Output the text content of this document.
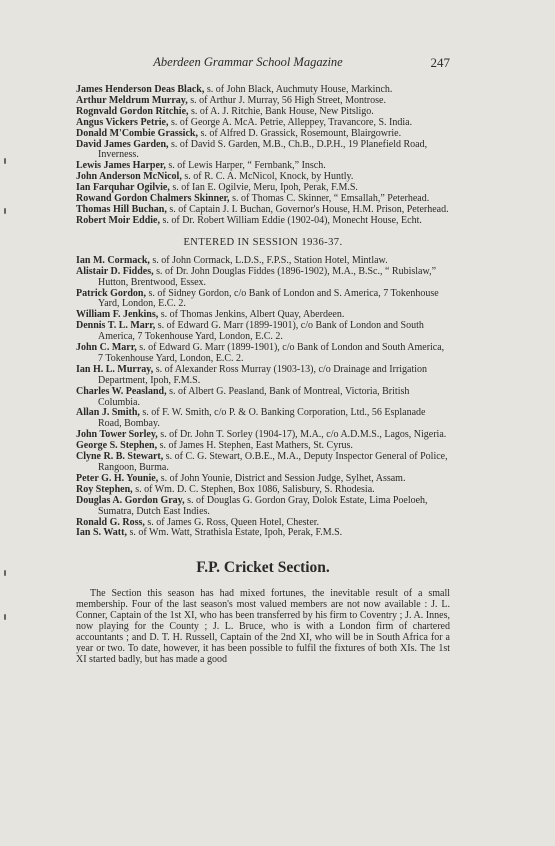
Aberdeen Grammar School Magazine	247

James Henderson Deas Black, s. of John Black, Auchmuty House, Markinch.

Arthur Meldrum Murray, s. of Arthur J. Murray, 56 High Street, Montrose.

Rognvald Gordon Ritchie, s. of A. J. Ritchie, Bank House, New Pitsligo.

Angus Vickers Petrie, s. of George A. McA. Petrie, Alleppey, Travancore, S. India.

Donald M'Combie Grassick, s. of Alfred D. Grassick, Rosemount, Blairgowrie.

David James Garden, s. of David S. Garden, M.B., Ch.B., D.P.H., 19 Planefield Road, Inverness.

Lewis James Harper, s. of Lewis Harper, “ Fernbank,” Insch.

John Anderson McNicol, s. of R. C. A. McNicol, Knock, by Huntly.

Ian Farquhar Ogilvie, s. of Ian E. Ogilvie, Meru, Ipoh, Perak, F.M.S.

Rowand Gordon Chalmers Skinner, s. of Thomas C. Skinner, “ Emsallah,” Peterhead.

Thomas Hill Buchan, s. of Captain J. I. Buchan, Governor's House, H.M. Prison, Peterhead.

Robert Moir Eddie, s. of Dr. Robert William Eddie (1902-04), Monecht House, Echt.

ENTERED IN SESSION 1936-37.

Ian M. Cormack, s. of John Cormack, L.D.S., F.P.S., Station Hotel, Mintlaw.

Alistair D. Fiddes, s. of Dr. John Douglas Fiddes (1896-1902), M.A., B.Sc., “ Rubislaw,” Hutton, Brentwood, Essex.

Patrick Gordon, s. of Sidney Gordon, c/o Bank of London and S. America, 7 Tokenhouse Yard, London, E.C. 2.

William F. Jenkins, s. of Thomas Jenkins, Albert Quay, Aberdeen.

Dennis T. L. Marr, s. of Edward G. Marr (1899-1901), c/o Bank of London and South America, 7 Tokenhouse Yard, London, E.C. 2.

John C. Marr, s. of Edward G. Marr (1899-1901), c/o Bank of London and South America, 7 Tokenhouse Yard, London, E.C. 2.

Ian H. L. Murray, s. of Alexander Ross Murray (1903-13), c/o Drainage and Irrigation Department, Ipoh, F.M.S.

Charles W. Peasland, s. of Albert G. Peasland, Bank of Montreal, Victoria, British Columbia.

Allan J. Smith, s. of F. W. Smith, c/o P. & O. Banking Corporation, Ltd., 56 Esplanade Road, Bombay.

John Tower Sorley, s. of Dr. John T. Sorley (1904-17), M.A., c/o A.D.M.S., Lagos, Nigeria.

George S. Stephen, s. of James H. Stephen, East Mathers, St. Cyrus.

Clyne R. B. Stewart, s. of C. G. Stewart, O.B.E., M.A., Deputy Inspector General of Police, Rangoon, Burma.

Peter G. H. Younie, s. of John Younie, District and Session Judge, Sylhet, Assam.

Roy Stephen, s. of Wm. D. C. Stephen, Box 1086, Salisbury, S. Rhodesia.

Douglas A. Gordon Gray, s. of Douglas G. Gordon Gray, Dolok Estate, Lima Poeloeh, Sumatra, Dutch East Indies.

Ronald G. Ross, s. of James G. Ross, Queen Hotel, Chester.

Ian S. Watt, s. of Wm. Watt, Strathisla Estate, Ipoh, Perak, F.M.S.

F.P. Cricket Section.

The Section this season has had mixed fortunes, the inevitable result of a small membership. Four of the last season's most valued members are not now available : J. L. Conner, Captain of the 1st XI, who has been transferred by his firm to Coventry ; J. A. Innes, now playing for the County ; J. L. Bruce, who is with a London firm of chartered accountants ; and D. T. H. Russell, Captain of the 2nd XI, who will be in South Africa for a year or two. To date, however, it has been possible to fulfil the fixtures of both XIs. The 1st XI started badly, but has made a good
